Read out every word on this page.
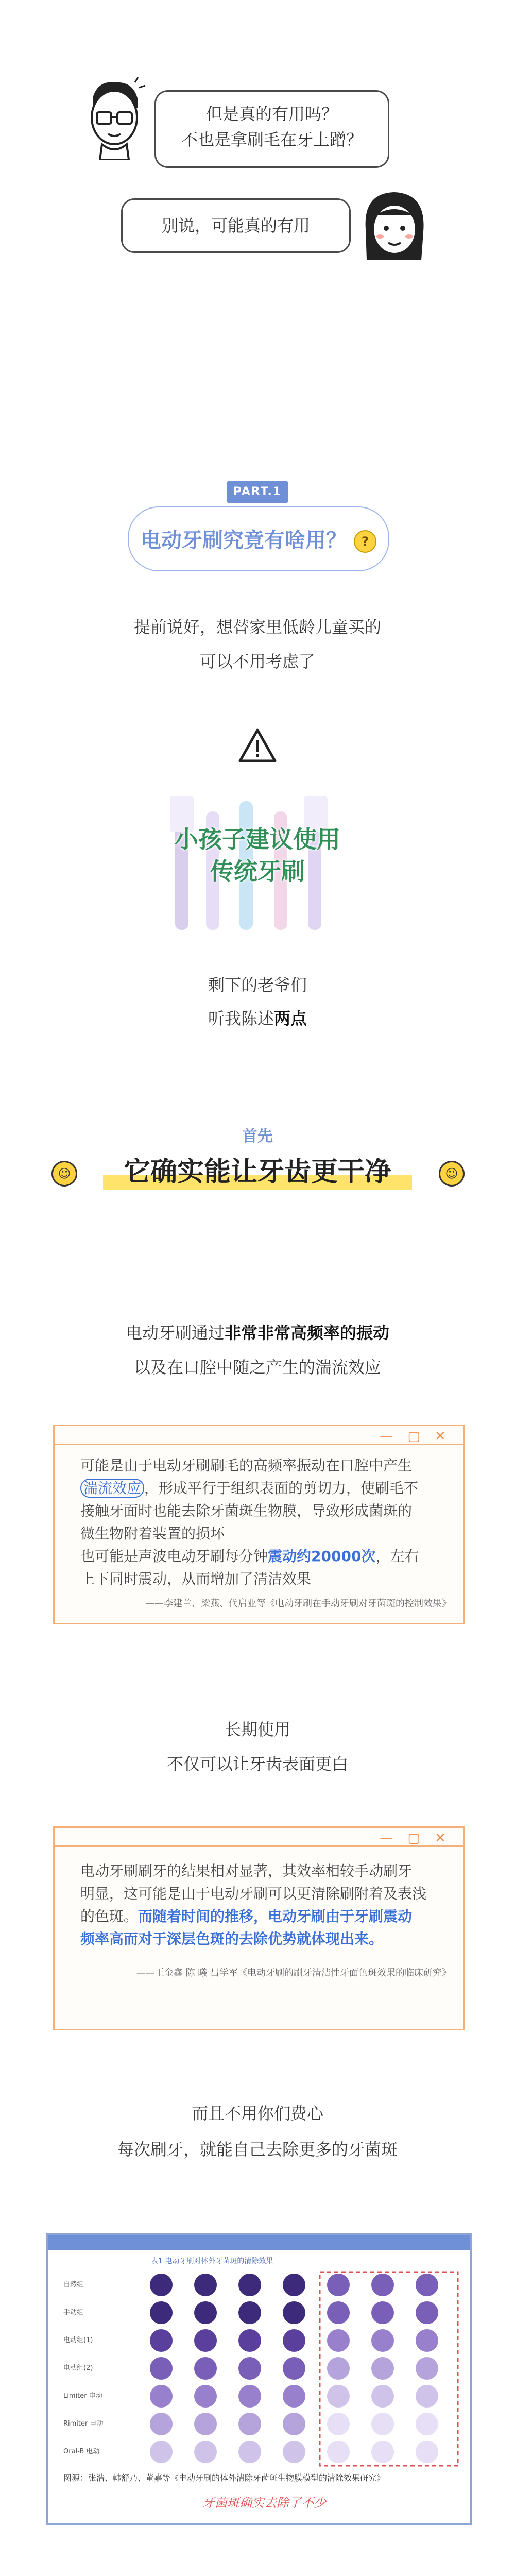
但是真的有用吗？
不也是拿刷毛在牙上蹭？
别说，可能真的有用
PART.1
电动牙刷究竟有啥用？ ?
提前说好，想替家里低龄儿童买的
可以不用考虑了
小孩子建议使用
传统牙刷
剩下的老爷们
听我陈述两点
首先
它确实能让牙齿更干净
☺	☺
电动牙刷通过非常非常高频率的振动
以及在口腔中随之产生的湍流效应
— ▢ ✕
可能是由于电动牙刷刷毛的高频率振动在口腔中产生
湍流效应 ，形成平行于组织表面的剪切力，使刷毛不
接触牙面时也能去除牙菌斑生物膜，导致形成菌斑的
微生物附着装置的损坏
也可能是声波电动牙刷每分钟震动约20000次，左右
上下同时震动，从而增加了清洁效果
——李建兰、梁燕、代启业等《电动牙刷在手动牙刷对牙菌斑的控制效果》
长期使用
不仅可以让牙齿表面更白
— ▢ ✕
电动牙刷刷牙的结果相对显著，其效率相较手动刷牙
明显，这可能是由于电动牙刷可以更清除刷附着及表浅
的色斑。而随着时间的推移，电动牙刷由于牙刷震动
频率高而对于深层色斑的去除优势就体现出来。
——王金鑫 陈 曦 吕学军《电动牙刷的刷牙清洁性牙面色斑效果的临床研究》
而且不用你们费心
每次刷牙，就能自己去除更多的牙菌斑
表1 电动牙刷对体外牙菌斑的清除效果
自然组
手动组
电动组(1)
电动组(2)
Limiter 电动
Rimiter 电动
Oral-B 电动
图源：张浩、韩舒乃、董嘉等《电动牙刷的体外清除牙菌斑生物膜模型的清除效果研究》
牙菌斑确实去除了不少
